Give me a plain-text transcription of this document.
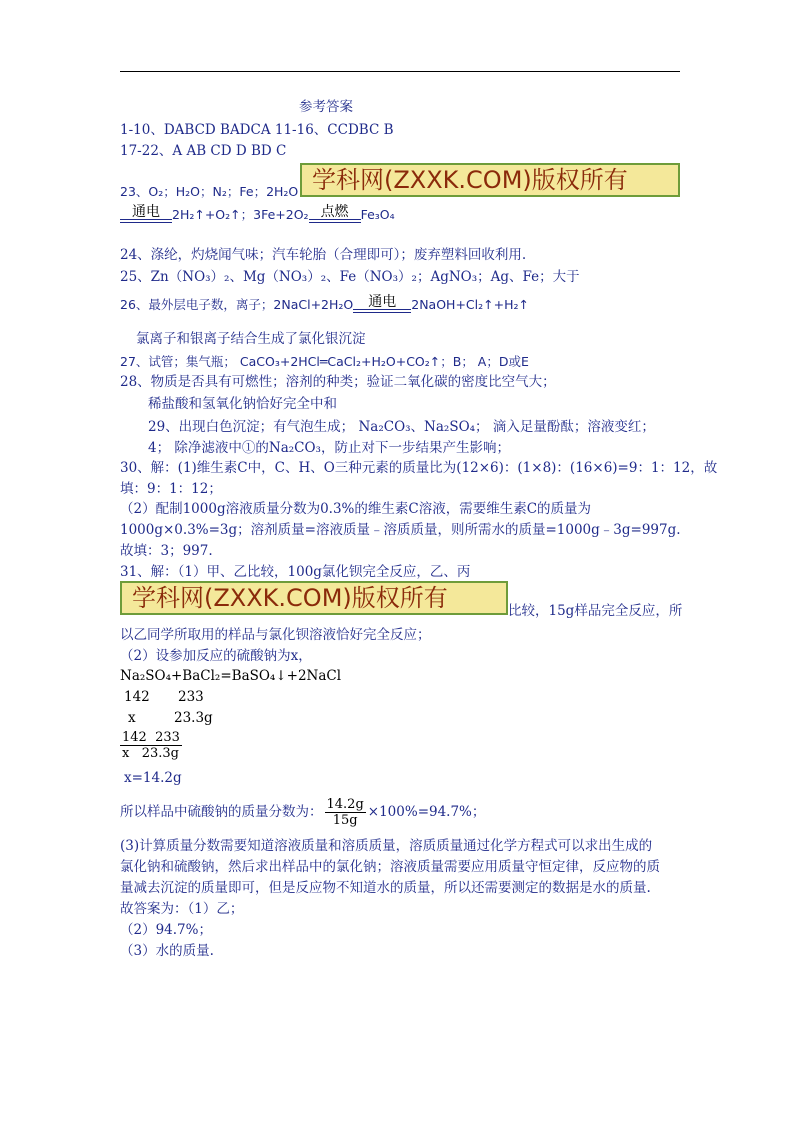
参考答案
1-10、DABCD BADCA 11-16、CCDBC B
17-22、A AB CD D BD C
23、O₂；H₂O；N₂；Fe；2H₂O 学科网(ZXXK.COM)版权所有
通电 2H₂↑+O₂↑；3Fe+2O₂ 点燃 Fe₃O₄
24、涤纶，灼烧闻气味；汽车轮胎（合理即可）；废弃塑料回收利用.
25、Zn（NO₃）₂、Mg（NO₃）₂、Fe（NO₃）₂；AgNO₃；Ag、Fe；大于
26、最外层电子数，离子；2NaCl+2H₂O	通电	2NaOH+Cl₂↑+H₂↑
氯离子和银离子结合生成了氯化银沉淀
27、试管；集气瓶； CaCO₃+2HCl═CaCl₂+H₂O+CO₂↑；B； A；D或E
28、物质是否具有可燃性；溶剂的种类；验证二氧化碳的密度比空气大；
稀盐酸和氢氧化钠恰好完全中和
29、出现白色沉淀；有气泡生成； Na₂CO₃、Na₂SO₄； 滴入足量酚酞；溶液变红；
4； 除净滤液中①的Na₂CO₃，防止对下一步结果产生影响；
30、解：(1)维生素C中，C、H、O三种元素的质量比为(12×6)：(1×8)：(16×6)=9：1：12，故
填：9：1：12；
（2）配制1000g溶液质量分数为0.3%的维生素C溶液，需要维生素C的质量为
1000g×0.3%=3g；溶剂质量=溶液质量﹣溶质质量，则所需水的质量=1000g﹣3g=997g.
故填：3；997.
31、解：（1）甲、乙比较，100g氯化钡完全反应，乙、丙
学科网(ZXXK.COM)版权所有	比较，15g样品完全反应，所
以乙同学所取用的样品与氯化钡溶液恰好完全反应；
（2）设参加反应的硫酸钠为x，
Na₂SO₄+BaCl₂=BaSO₄↓+2NaCl
142 233
x	23.3g
$\frac{142 233}{x 23.3g}$
x=14.2g
所以样品中硫酸钠的质量分数为： $\frac{14.2g}{15g} \times 100\%=94.7\%$；
(3)计算质量分数需要知道溶液质量和溶质质量，溶质质量通过化学方程式可以求出生成的
氯化钠和硫酸钠，然后求出样品中的氯化钠；溶液质量需要应用质量守恒定律，反应物的质
量减去沉淀的质量即可，但是反应物不知道水的质量，所以还需要测定的数据是水的质量.
故答案为：（1）乙；
（2）94.7%；
（3）水的质量.
